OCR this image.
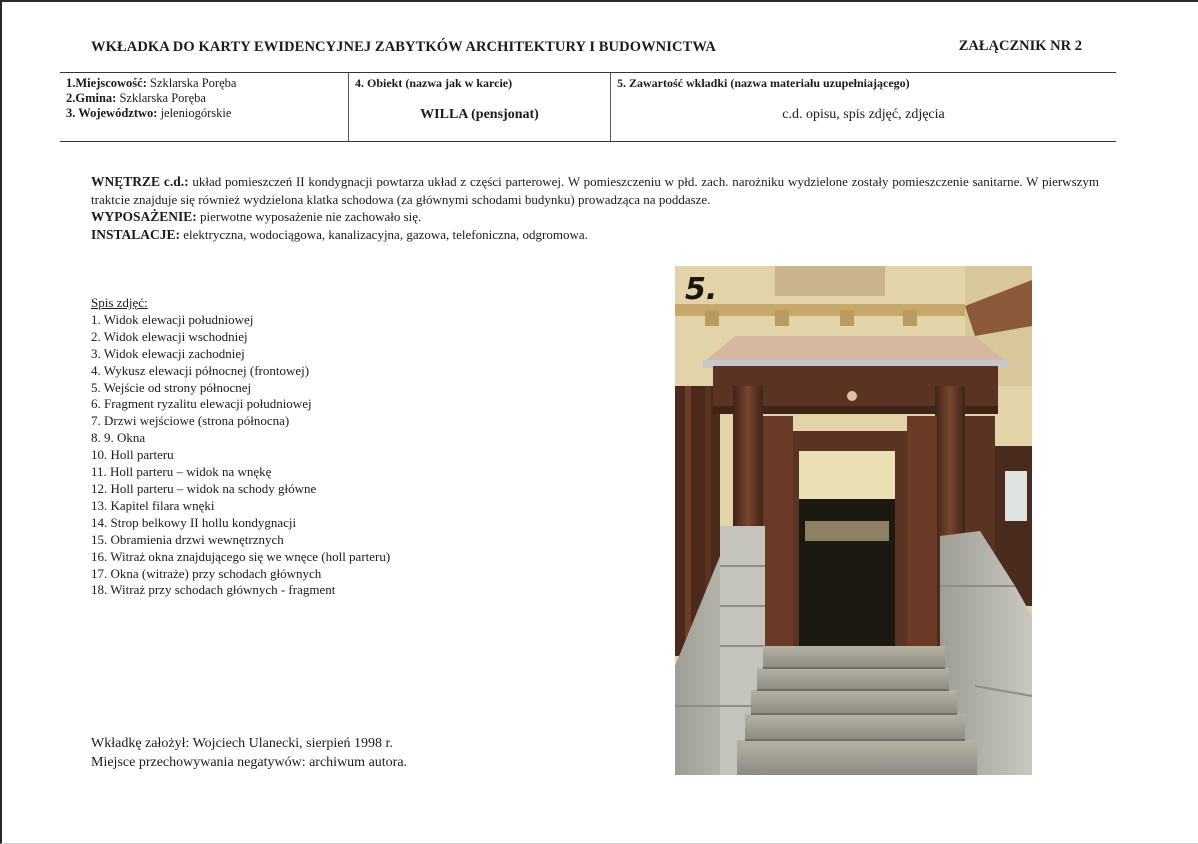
WKŁADKA DO KARTY EWIDENCYJNEJ ZABYTKÓW ARCHITEKTURY I BUDOWNICTWA	ZAŁĄCZNIK NR 2
1.Miejscowość: Szklarska Poręba
2.Gmina: Szklarska Poręba
3. Województwo: jeleniogórskie
4. Obiekt (nazwa jak w karcie)
WILLA (pensjonat)
5. Zawartość wkładki (nazwa materiału uzupełniającego)
c.d. opisu, spis zdjęć, zdjęcia
WNĘTRZE c.d.: układ pomieszczeń II kondygnacji powtarza układ z części parterowej. W pomieszczeniu w płd. zach. narożniku wydzielone zostały pomieszczenie sanitarne. W pierwszym traktcie znajduje się również wydzielona klatka schodowa (za głównymi schodami budynku) prowadząca na poddasze.
WYPOSAŻENIE: pierwotne wyposażenie nie zachowało się.
INSTALACJE: elektryczna, wodociągowa, kanalizacyjna, gazowa, telefoniczna, odgromowa.
Spis zdjęć:
1. Widok elewacji południowej
2. Widok elewacji wschodniej
3. Widok elewacji zachodniej
4. Wykusz elewacji północnej (frontowej)
5. Wejście od strony północnej
6. Fragment ryzalitu elewacji południowej
7. Drzwi wejściowe (strona północna)
8. 9. Okna
10. Holl parteru
11. Holl parteru – widok na wnękę
12. Holl parteru – widok na schody główne
13. Kapitel filara wnęki
14. Strop belkowy II hollu kondygnacji
15. Obramienia drzwi wewnętrznych
16. Witraż okna znajdującego się we wnęce (holl parteru)
17. Okna (witraże) przy schodach głównych
18. Witraż przy schodach głównych - fragment
Wkładkę założył: Wojciech Ulanecki, sierpień 1998 r.
Miejsce przechowywania negatywów: archiwum autora.
5.
